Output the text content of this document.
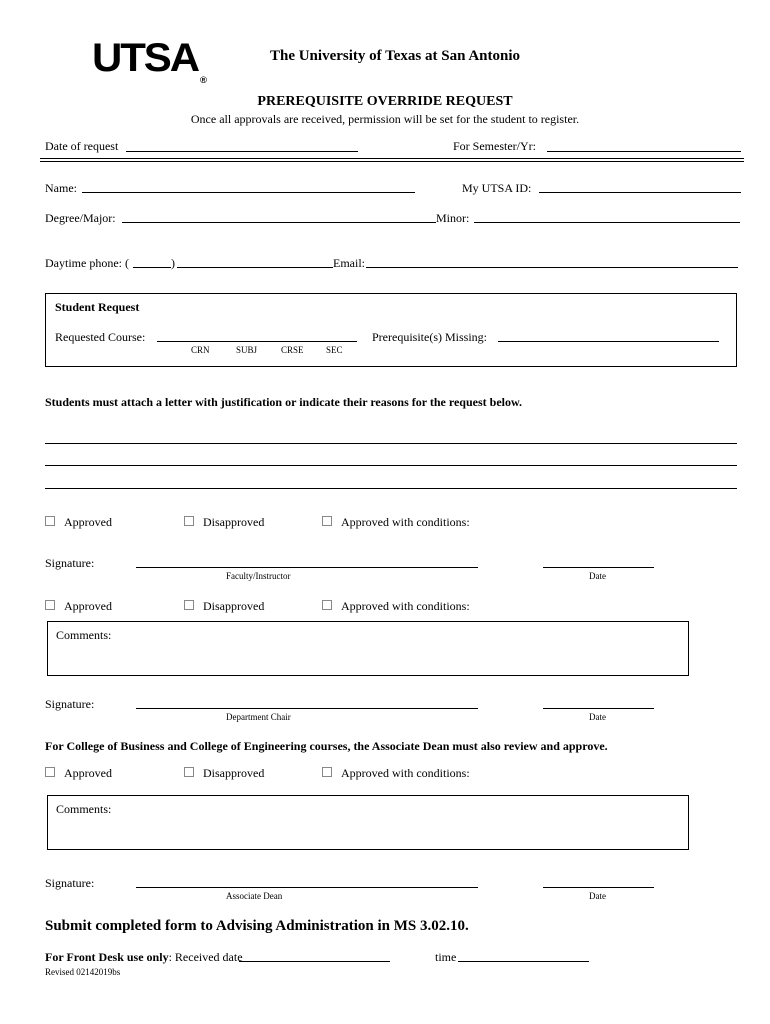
UTSA ®
The University of Texas at San Antonio
PREREQUISITE OVERRIDE REQUEST
Once all approvals are received, permission will be set for the student to register.
Date of request	For Semester/Yr:
Name:	My UTSA ID:
Degree/Major:	Minor:
Daytime phone: (	)	Email:
Student Request
Requested Course:	Prerequisite(s) Missing:
CRN	SUBJ	CRSE SEC
Students must attach a letter with justification or indicate their reasons for the request below.
Approved	Disapproved	Approved with conditions:
Signature:
Faculty/Instructor	Date
Approved	Disapproved	Approved with conditions:
Comments:
Signature:
Department Chair	Date
For College of Business and College of Engineering courses, the Associate Dean must also review and approve.
Approved	Disapproved	Approved with conditions:
Comments:
Signature:
Associate Dean	Date
Submit completed form to Advising Administration in MS 3.02.10.
For Front Desk use only: Received date	time
Revised 02142019bs
